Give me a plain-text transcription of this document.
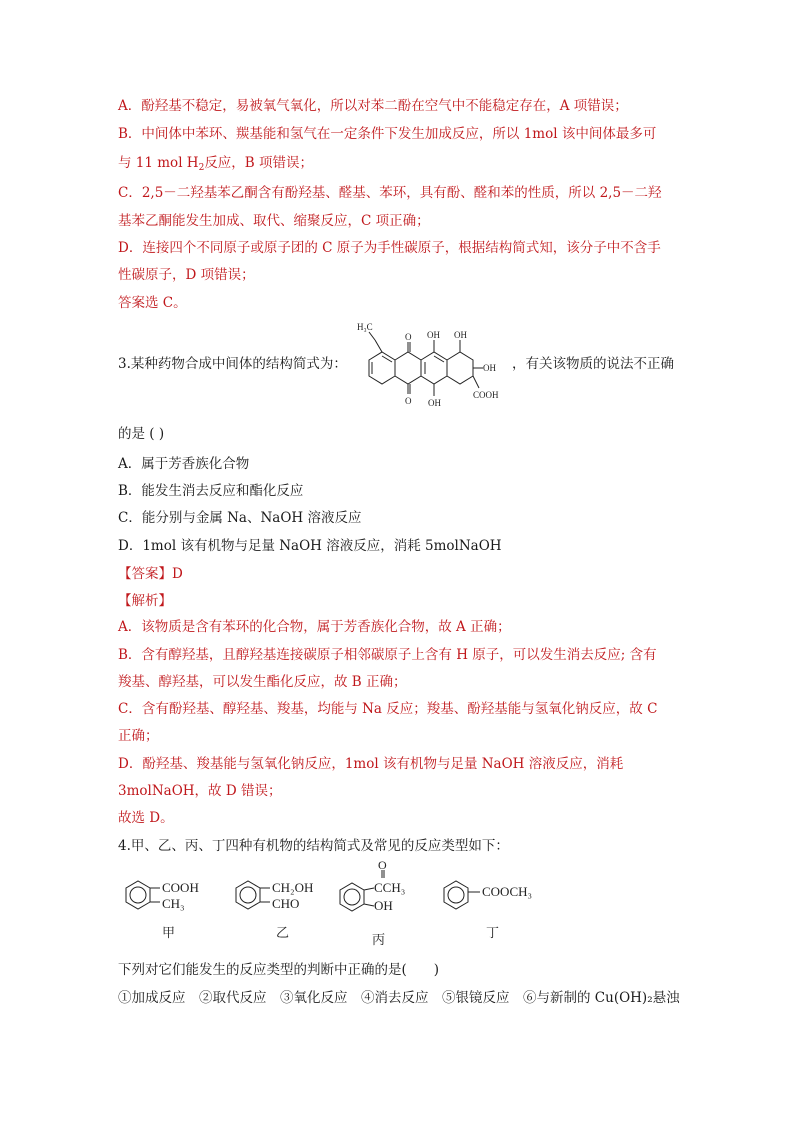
A．酚羟基不稳定，易被氧气氧化，所以对苯二酚在空气中不能稳定存在，A 项错误；
B．中间体中苯环、羰基能和氢气在一定条件下发生加成反应，所以 1mol 该中间体最多可
与 11 mol $H_2$反应，B 项错误；
C．2,5－二羟基苯乙酮含有酚羟基、醛基、苯环，具有酚、醛和苯的性质，所以 2,5－二羟
基苯乙酮能发生加成、取代、缩聚反应，C 项正确；
D．连接四个不同原子或原子团的 C 原子为手性碳原子，根据结构简式知，该分子中不含手
性碳原子，D 项错误；
答案选 C。
3.某种药物合成中间体的结构简式为：	，有关该物质的说法不正确
H₃C
O OH OH
OH
COOH
O OH
的是 ( )
A．属于芳香族化合物
B．能发生消去反应和酯化反应
C．能分别与金属 Na、NaOH 溶液反应
D．1mol 该有机物与足量 NaOH 溶液反应，消耗 5molNaOH
【答案】D
【解析】
A．该物质是含有苯环的化合物，属于芳香族化合物，故 A 正确；
B．含有醇羟基，且醇羟基连接碳原子相邻碳原子上含有 H 原子，可以发生消去反应; 含有
羧基、醇羟基，可以发生酯化反应，故 B 正确；
C．含有酚羟基、醇羟基、羧基，均能与 Na 反应；羧基、酚羟基能与氢氧化钠反应，故 C
正确；
D．酚羟基、羧基能与氢氧化钠反应，1mol 该有机物与足量 NaOH 溶液反应，消耗
3molNaOH，故 D 错误；
故选 D。
4.甲、乙、丙、丁四种有机物的结构简式及常见的反应类型如下：
COOH
CH₃
甲
CH₂OH
CHO
乙
O
CCH₃
OH
丙
COOCH₃
丁
下列对它们能发生的反应类型的判断中正确的是(　　)
①加成反应　②取代反应　③氧化反应　④消去反应　⑤银镜反应　⑥与新制的 Cu(OH)₂悬浊
